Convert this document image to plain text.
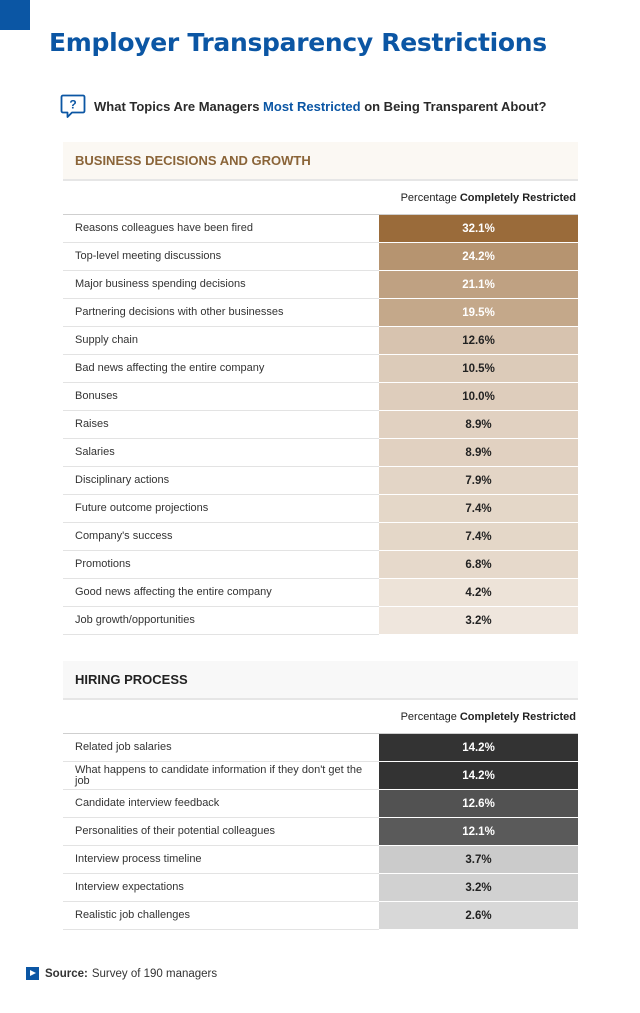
Employer Transparency Restrictions
? What Topics Are Managers Most Restricted on Being Transparent About?
BUSINESS DECISIONS AND GROWTH
Percentage Completely Restricted
Reasons colleagues have been fired	32.1%
Top-level meeting discussions	24.2%
Major business spending decisions	21.1%
Partnering decisions with other businesses	19.5%
Supply chain	12.6%
Bad news affecting the entire company	10.5%
Bonuses	10.0%
Raises	8.9%
Salaries	8.9%
Disciplinary actions	7.9%
Future outcome projections	7.4%
Company's success	7.4%
Promotions	6.8%
Good news affecting the entire company	4.2%
Job growth/opportunities	3.2%
HIRING PROCESS
Percentage Completely Restricted
Related job salaries	14.2%
What happens to candidate information if they don't get the job	14.2%
Candidate interview feedback	12.6%
Personalities of their potential colleagues	12.1%
Interview process timeline	3.7%
Interview expectations	3.2%
Realistic job challenges	2.6%
Source: Survey of 190 managers
